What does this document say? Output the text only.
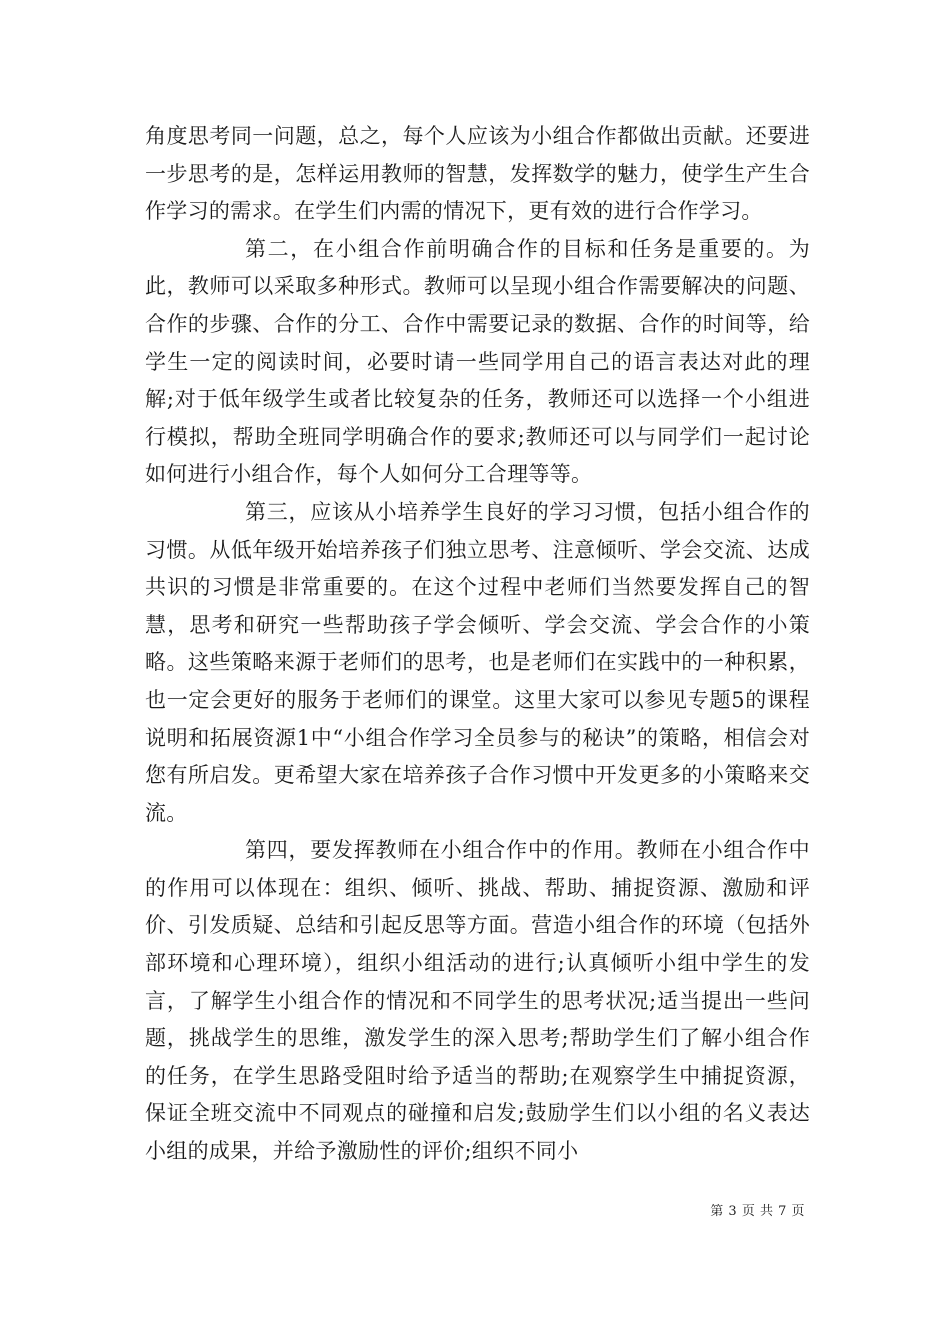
角度思考同一问题，总之，每个人应该为小组合作都做出贡献。还要进一步思考的是，怎样运用教师的智慧，发挥数学的魅力，使学生产生合作学习的需求。在学生们内需的情况下，更有效的进行合作学习。

第二，在小组合作前明确合作的目标和任务是重要的。为此，教师可以采取多种形式。教师可以呈现小组合作需要解决的问题、合作的步骤、合作的分工、合作中需要记录的数据、合作的时间等，给学生一定的阅读时间，必要时请一些同学用自己的语言表达对此的理解;对于低年级学生或者比较复杂的任务，教师还可以选择一个小组进行模拟，帮助全班同学明确合作的要求;教师还可以与同学们一起讨论如何进行小组合作，每个人如何分工合理等等。

第三，应该从小培养学生良好的学习习惯，包括小组合作的习惯。从低年级开始培养孩子们独立思考、注意倾听、学会交流、达成共识的习惯是非常重要的。在这个过程中老师们当然要发挥自己的智慧，思考和研究一些帮助孩子学会倾听、学会交流、学会合作的小策略。这些策略来源于老师们的思考，也是老师们在实践中的一种积累，也一定会更好的服务于老师们的课堂。这里大家可以参见专题5的课程说明和拓展资源1中“小组合作学习全员参与的秘诀”的策略，相信会对您有所启发。更希望大家在培养孩子合作习惯中开发更多的小策略来交流。

第四，要发挥教师在小组合作中的作用。教师在小组合作中的作用可以体现在：组织、倾听、挑战、帮助、捕捉资源、激励和评价、引发质疑、总结和引起反思等方面。营造小组合作的环境（包括外部环境和心理环境），组织小组活动的进行;认真倾听小组中学生的发言，了解学生小组合作的情况和不同学生的思考状况;适当提出一些问题，挑战学生的思维，激发学生的深入思考;帮助学生们了解小组合作的任务，在学生思路受阻时给予适当的帮助;在观察学生中捕捉资源，保证全班交流中不同观点的碰撞和启发;鼓励学生们以小组的名义表达小组的成果，并给予激励性的评价;组织不同小

第 3 页 共 7 页
